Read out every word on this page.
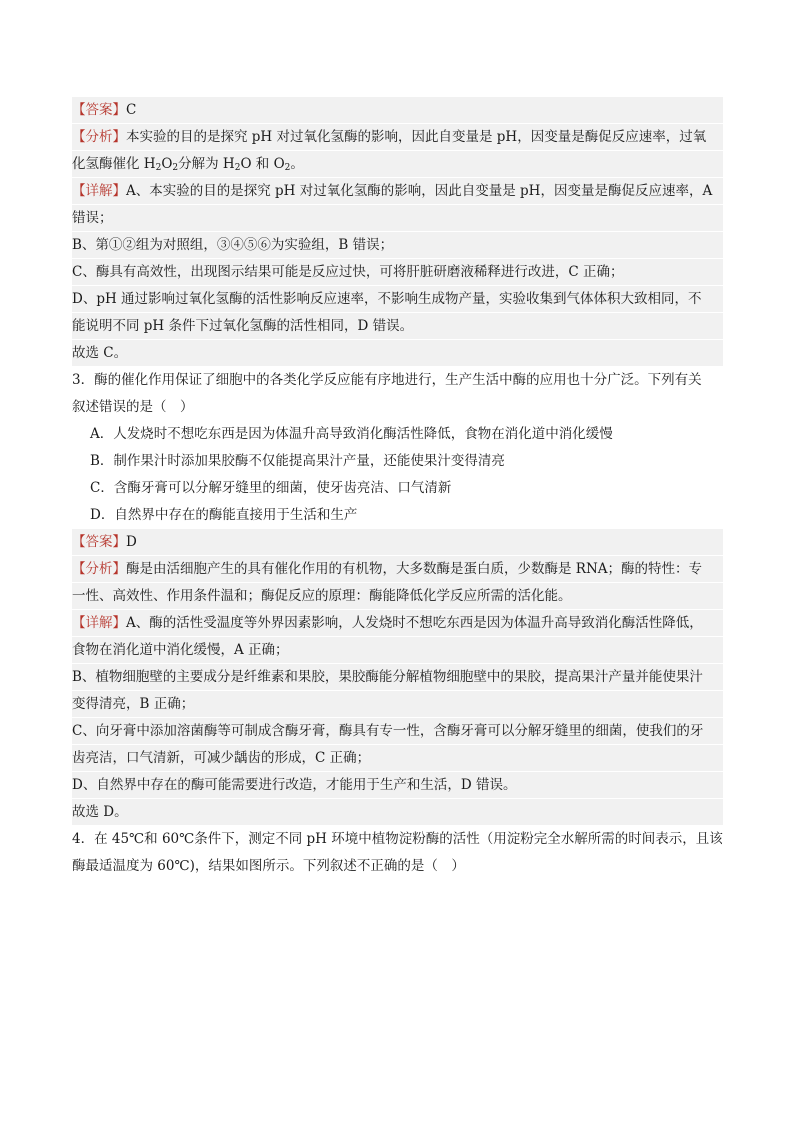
【答案】C
【分析】本实验的目的是探究 pH 对过氧化氢酶的影响，因此自变量是 pH，因变量是酶促反应速率，过氧
化氢酶催化 $H_2O_2$分解为 $H_2O$ 和 $O_2$。
【详解】A、本实验的目的是探究 pH 对过氧化氢酶的影响，因此自变量是 pH，因变量是酶促反应速率，A
错误；
B、第①②组为对照组，③④⑤⑥为实验组，B 错误；
C、酶具有高效性，出现图示结果可能是反应过快，可将肝脏研磨液稀释进行改进，C 正确；
D、pH 通过影响过氧化氢酶的活性影响反应速率，不影响生成物产量，实验收集到气体体积大致相同，不
能说明不同 pH 条件下过氧化氢酶的活性相同，D 错误。
故选 C。
3．酶的催化作用保证了细胞中的各类化学反应能有序地进行，生产生活中酶的应用也十分广泛。下列有关
叙述错误的是（　）
A．人发烧时不想吃东西是因为体温升高导致消化酶活性降低，食物在消化道中消化缓慢
B．制作果汁时添加果胶酶不仅能提高果汁产量，还能使果汁变得清亮
C．含酶牙膏可以分解牙缝里的细菌，使牙齿亮洁、口气清新
D．自然界中存在的酶能直接用于生活和生产
【答案】D
【分析】酶是由活细胞产生的具有催化作用的有机物，大多数酶是蛋白质，少数酶是 RNA；酶的特性：专
一性、高效性、作用条件温和；酶促反应的原理：酶能降低化学反应所需的活化能。
【详解】A、酶的活性受温度等外界因素影响，人发烧时不想吃东西是因为体温升高导致消化酶活性降低，
食物在消化道中消化缓慢，A 正确；
B、植物细胞壁的主要成分是纤维素和果胶，果胶酶能分解植物细胞壁中的果胶，提高果汁产量并能使果汁
变得清亮，B 正确；
C、向牙膏中添加溶菌酶等可制成含酶牙膏，酶具有专一性，含酶牙膏可以分解牙缝里的细菌，使我们的牙
齿亮洁，口气清新，可减少龋齿的形成，C 正确；
D、自然界中存在的酶可能需要进行改造，才能用于生产和生活，D 错误。
故选 D。
4．在 45℃和 60℃条件下，测定不同 pH 环境中植物淀粉酶的活性（用淀粉完全水解所需的时间表示，且该
酶最适温度为 60℃)，结果如图所示。下列叙述不正确的是（　）
